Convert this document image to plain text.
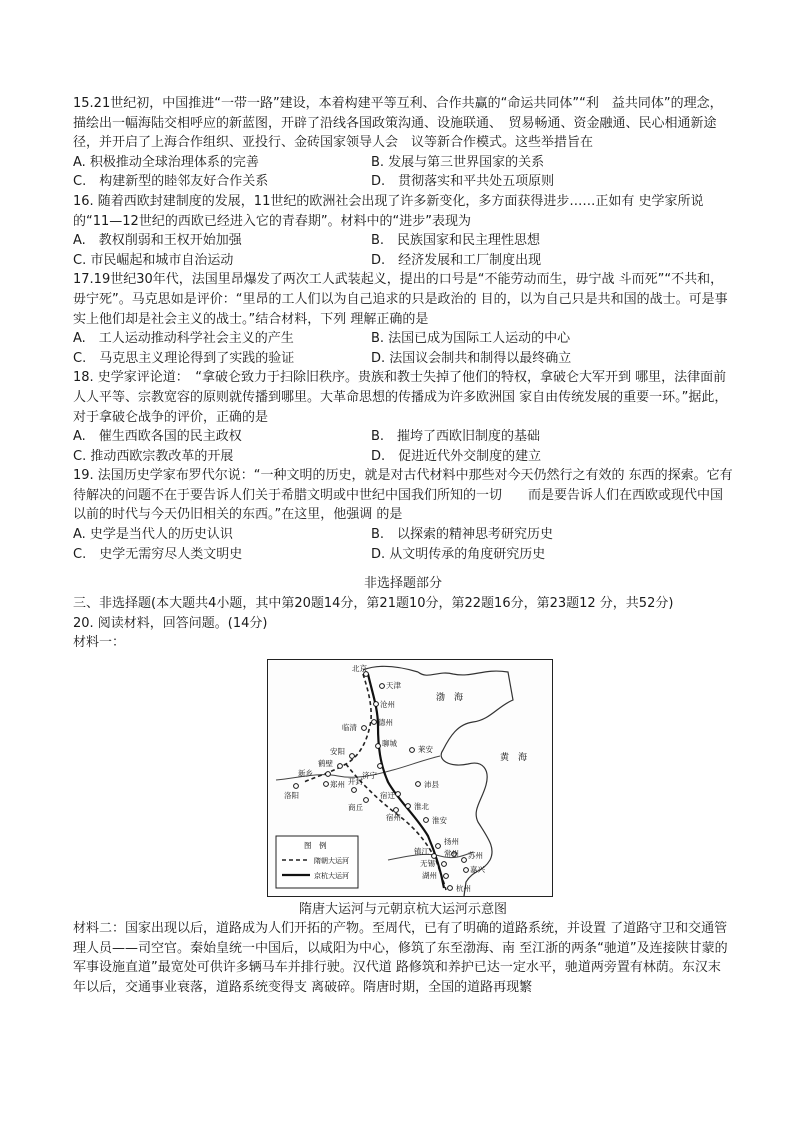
15.21世纪初，中国推进“一带一路”建设，本着构建平等互利、合作共赢的“命运共同体”“利　益共同体”的理念，描绘出一幅海陆交相呼应的新蓝图，开辟了沿线各国政策沟通、设施联通、　贸易畅通、资金融通、民心相通新途径，并开启了上海合作组织、亚投行、金砖国家领导人会　议等新合作模式。这些举措旨在

A. 积极推动全球治理体系的完善	B. 发展与第三世界国家的关系
C.　构建新型的睦邻友好合作关系	D.　贯彻落实和平共处五项原则

16. 随着西欧封建制度的发展，11世纪的欧洲社会出现了许多新变化，多方面获得进步……正如有 史学家所说的“11—12世纪的西欧已经进入它的青春期”。材料中的“进步”表现为

A.　教权削弱和王权开始加强	B.　民族国家和民主理性思想
C. 市民崛起和城市自治运动	D.　经济发展和工厂制度出现

17.19世纪30年代，法国里昂爆发了两次工人武装起义，提出的口号是“不能劳动而生，毋宁战 斗而死”“不共和，毋宁死”。马克思如是评价：“里昂的工人们以为自己追求的只是政治的 目的，以为自己只是共和国的战士。可是事实上他们却是社会主义的战士。”结合材料，下列 理解正确的是

A.　工人运动推动科学社会主义的产生	B. 法国已成为国际工人运动的中心
C.　马克思主义理论得到了实践的验证	D. 法国议会制共和制得以最终确立

18. 史学家评论道：　“拿破仑致力于扫除旧秩序。贵族和教士失掉了他们的特权，拿破仑大军开到 哪里，法律面前人人平等、宗教宽容的原则就传播到哪里。大革命思想的传播成为许多欧洲国 家自由传统发展的重要一环。”据此，对于拿破仑战争的评价，正确的是

A.　催生西欧各国的民主政权	B.　摧垮了西欧旧制度的基础
C. 推动西欧宗教改革的开展	D.　促进近代外交制度的建立

19. 法国历史学家布罗代尔说：“一种文明的历史，就是对古代材料中那些对今天仍然行之有效的 东西的探索。它有待解决的问题不在于要告诉人们关于希腊文明或中世纪中国我们所知的一切　　而是要告诉人们在西欧或现代中国以前的时代与今天仍旧相关的东西。”在这里，他强调 的是

A. 史学是当代人的历史认识	B.　以探索的精神思考研究历史
C.　史学无需穷尽人类文明史	D. 从文明传承的角度研究历史
非选择题部分

三、非选择题(本大题共4小题，其中第20题14分，第21题10分，第22题16分，第23题12 分，共52分)

20. 阅读材料，回答问题。(14分)

材料一：

渤　海
黄　海
北京
天津
沧州
德州
临清
聊城
莱安
安阳
济宁
鹤壁
新乡
郑州
洛阳
沛县
宿迁
商丘	淮北
宿州	淮安
扬州
常州 苏州
无锡
嘉兴
湖州
杭州
镇江
开封
图　例
隋朝大运河
京杭大运河
隋唐大运河与元朝京杭大运河示意图

材料二：国家出现以后，道路成为人们开拓的产物。至周代，已有了明确的道路系统，并设置 了道路守卫和交通管理人员——司空官。秦始皇统一中国后，以咸阳为中心，修筑了东至渤海、南 至江浙的两条“驰道”及连接陕甘蒙的军事设施直道”最宽处可供许多辆马车并排行驶。汉代道 路修筑和养护已达一定水平，驰道两旁置有林荫。东汉末年以后，交通事业衰落，道路系统变得支 离破碎。隋唐时期，全国的道路再现繁
